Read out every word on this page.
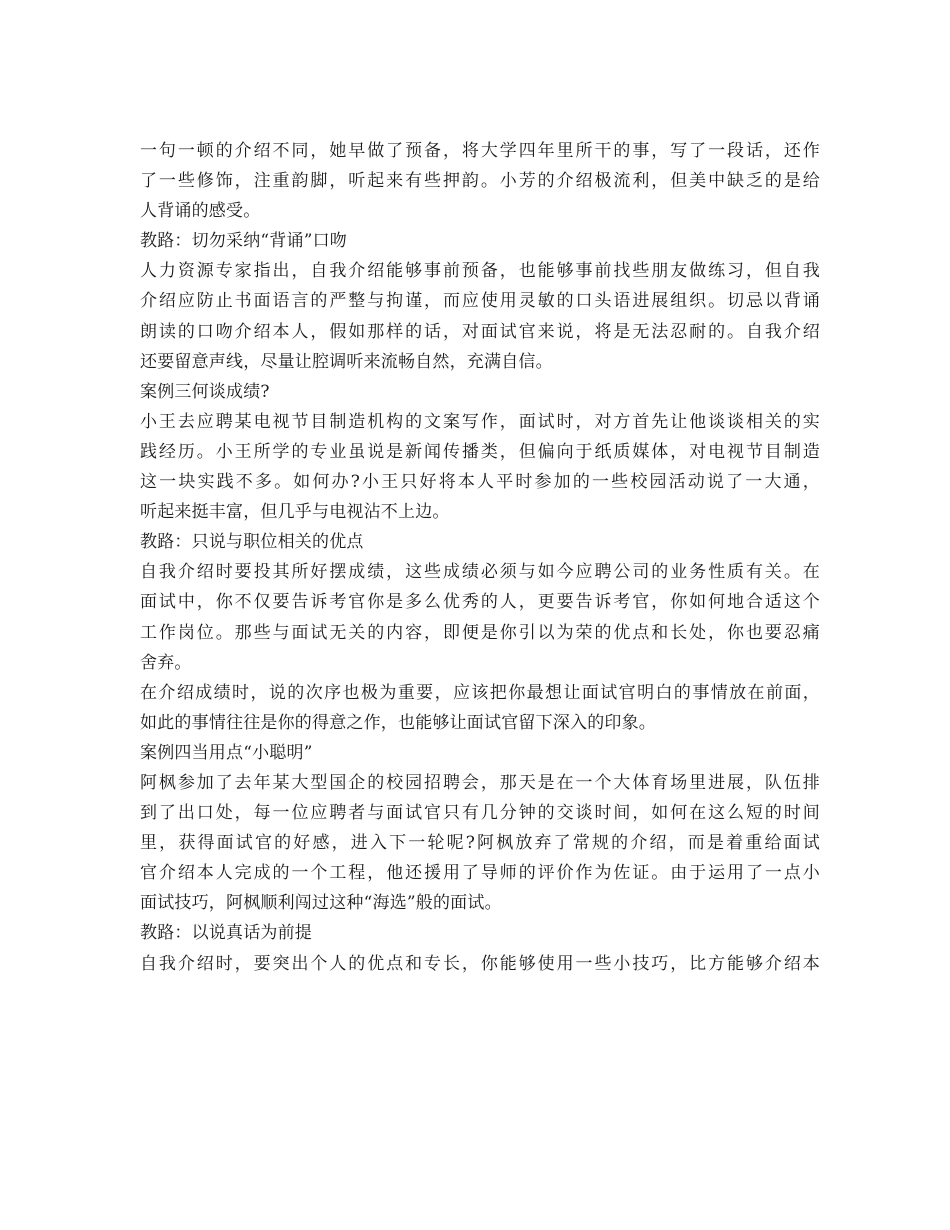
一句一顿的介绍不同，她早做了预备，将大学四年里所干的事，写了一段话，还作

了一些修饰，注重韵脚，听起来有些押韵。小芳的介绍极流利，但美中缺乏的是给

人背诵的感受。

教路：切勿采纳“背诵”口吻

人力资源专家指出，自我介绍能够事前预备，也能够事前找些朋友做练习，但自我

介绍应防止书面语言的严整与拘谨，而应使用灵敏的口头语进展组织。切忌以背诵

朗读的口吻介绍本人，假如那样的话，对面试官来说，将是无法忍耐的。自我介绍

还要留意声线，尽量让腔调听来流畅自然，充满自信。

案例三何谈成绩?

小王去应聘某电视节目制造机构的文案写作，面试时，对方首先让他谈谈相关的实

践经历。小王所学的专业虽说是新闻传播类，但偏向于纸质媒体，对电视节目制造

这一块实践不多。如何办?小王只好将本人平时参加的一些校园活动说了一大通，

听起来挺丰富，但几乎与电视沾不上边。

教路：只说与职位相关的优点

自我介绍时要投其所好摆成绩，这些成绩必须与如今应聘公司的业务性质有关。在

面试中，你不仅要告诉考官你是多么优秀的人，更要告诉考官，你如何地合适这个

工作岗位。那些与面试无关的内容，即便是你引以为荣的优点和长处，你也要忍痛

舍弃。

在介绍成绩时，说的次序也极为重要，应该把你最想让面试官明白的事情放在前面，

如此的事情往往是你的得意之作，也能够让面试官留下深入的印象。

案例四当用点“小聪明”

阿枫参加了去年某大型国企的校园招聘会，那天是在一个大体育场里进展，队伍排

到了出口处，每一位应聘者与面试官只有几分钟的交谈时间，如何在这么短的时间

里，获得面试官的好感，进入下一轮呢?阿枫放弃了常规的介绍，而是着重给面试

官介绍本人完成的一个工程，他还援用了导师的评价作为佐证。由于运用了一点小

面试技巧，阿枫顺利闯过这种“海选”般的面试。

教路：以说真话为前提

自我介绍时，要突出个人的优点和专长，你能够使用一些小技巧，比方能够介绍本
